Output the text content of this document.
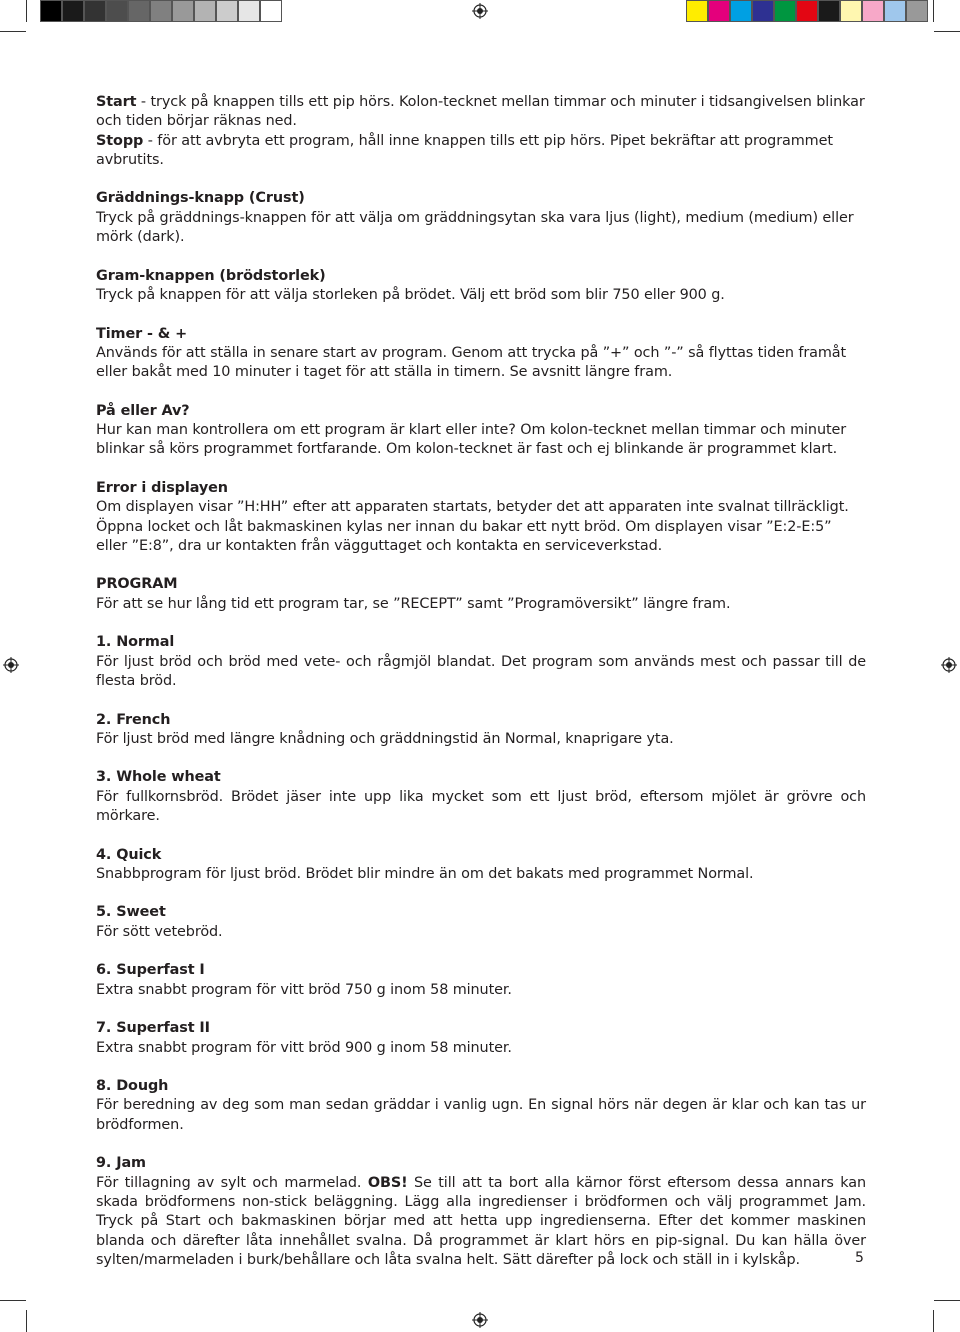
Start - tryck på knappen tills ett pip hörs. Kolon-tecknet mellan timmar och minuter i tidsangivelsen blinkar och tiden börjar räknas ned.

Stopp - för att avbryta ett program, håll inne knappen tills ett pip hörs. Pipet bekräftar att programmet avbrutits.

Gräddnings-knapp (Crust)

Tryck på gräddnings-knappen för att välja om gräddningsytan ska vara ljus (light), medium (medium) eller mörk (dark).

Gram-knappen (brödstorlek)

Tryck på knappen för att välja storleken på brödet. Välj ett bröd som blir 750 eller 900 g.

Timer - & +

Används för att ställa in senare start av program. Genom att trycka på ”+” och ”-” så flyttas tiden framåt eller bakåt med 10 minuter i taget för att ställa in timern. Se avsnitt längre fram.

På eller Av?

Hur kan man kontrollera om ett program är klart eller inte? Om kolon-tecknet mellan timmar och minuter blinkar så körs programmet fortfarande. Om kolon-tecknet är fast och ej blinkande är programmet klart.

Error i displayen

Om displayen visar ”H:HH” efter att apparaten startats, betyder det att apparaten inte svalnat tillräckligt. Öppna locket och låt bakmaskinen kylas ner innan du bakar ett nytt bröd. Om displayen visar ”E:2-E:5” eller ”E:8”, dra ur kontakten från vägguttaget och kontakta en serviceverkstad.

PROGRAM

För att se hur lång tid ett program tar, se ”RECEPT” samt ”Programöversikt” längre fram.

1. Normal

För ljust bröd och bröd med vete- och rågmjöl blandat. Det program som används mest och passar till de flesta bröd.

2. French

För ljust bröd med längre knådning och gräddningstid än Normal, knaprigare yta.

3. Whole wheat

För fullkornsbröd. Brödet jäser inte upp lika mycket som ett ljust bröd, eftersom mjölet är grövre och mörkare.

4. Quick

Snabbprogram för ljust bröd. Brödet blir mindre än om det bakats med programmet Normal.

5. Sweet

För sött vetebröd.

6. Superfast I

Extra snabbt program för vitt bröd 750 g inom 58 minuter.

7. Superfast II

Extra snabbt program för vitt bröd 900 g inom 58 minuter.

8. Dough

För beredning av deg som man sedan gräddar i vanlig ugn. En signal hörs när degen är klar och kan tas ur brödformen.

9. Jam

För tillagning av sylt och marmelad. OBS! Se till att ta bort alla kärnor först eftersom dessa annars kan skada brödformens non-stick beläggning. Lägg alla ingredienser i brödformen och välj programmet Jam. Tryck på Start och bakmaskinen börjar med att hetta upp ingredienserna. Efter det kommer maskinen blanda och därefter låta innehållet svalna. Då programmet är klart hörs en pip-signal. Du kan hälla över sylten/marmeladen i burk/behållare och låta svalna helt. Sätt därefter på lock och ställ in i kylskåp.	5
